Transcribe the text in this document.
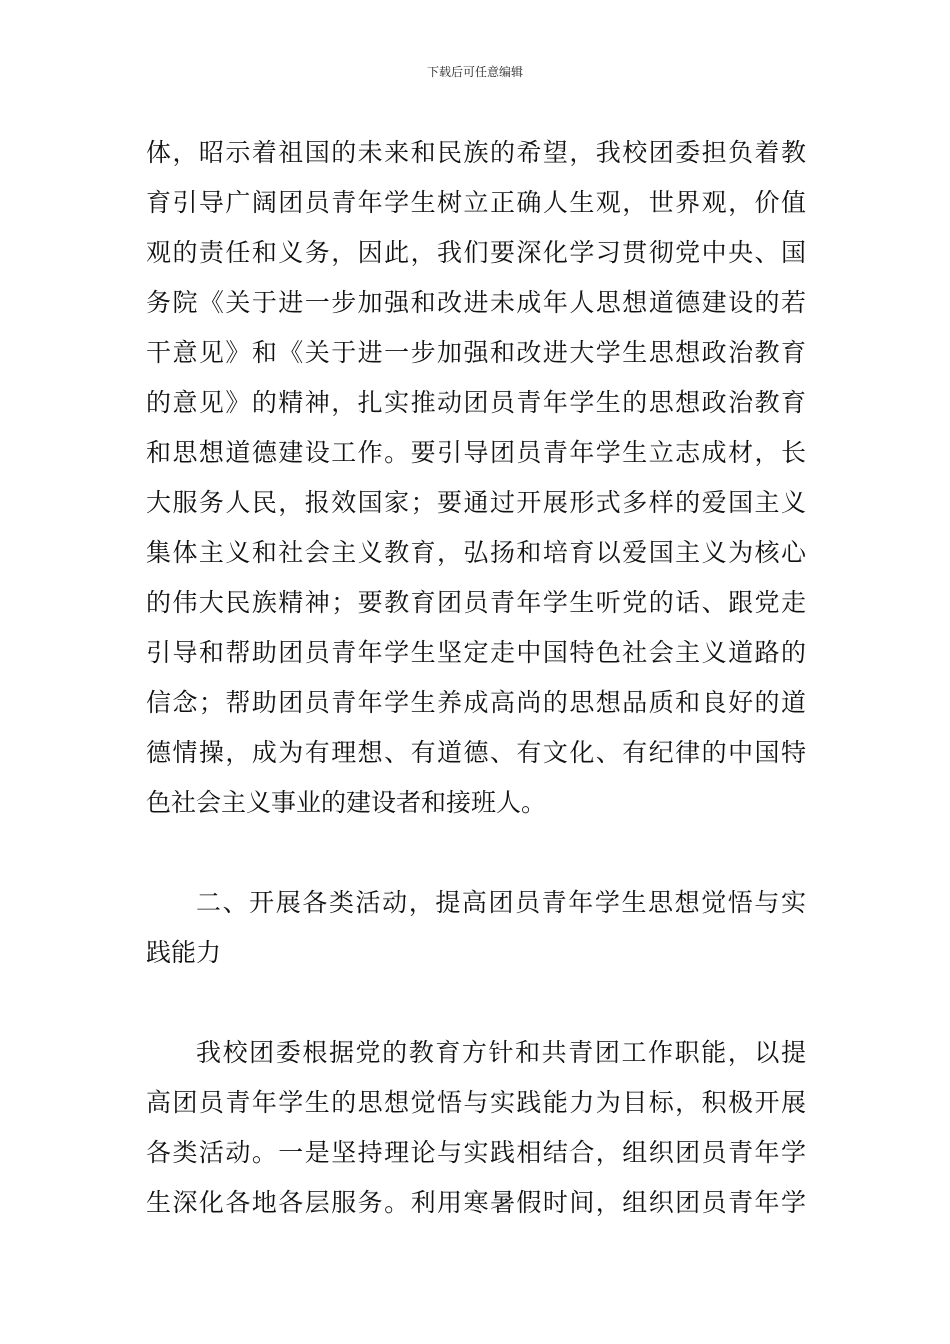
下载后可任意编辑
体，昭示着祖国的未来和民族的希望，我校团委担负着教
育引导广阔团员青年学生树立正确人生观，世界观，价值
观的责任和义务，因此，我们要深化学习贯彻党中央、国
务院《关于进一步加强和改进未成年人思想道德建设的若
干意见》和《关于进一步加强和改进大学生思想政治教育
的意见》的精神，扎实推动团员青年学生的思想政治教育
和思想道德建设工作。要引导团员青年学生立志成材，长
大服务人民，报效国家；要通过开展形式多样的爱国主义
集体主义和社会主义教育，弘扬和培育以爱国主义为核心
的伟大民族精神；要教育团员青年学生听党的话、跟党走
引导和帮助团员青年学生坚定走中国特色社会主义道路的
信念；帮助团员青年学生养成高尚的思想品质和良好的道
德情操，成为有理想、有道德、有文化、有纪律的中国特
色社会主义事业的建设者和接班人。
二、开展各类活动，提高团员青年学生思想觉悟与实
践能力
我校团委根据党的教育方针和共青团工作职能，以提
高团员青年学生的思想觉悟与实践能力为目标，积极开展
各类活动。一是坚持理论与实践相结合，组织团员青年学
生深化各地各层服务。利用寒暑假时间，组织团员青年学
